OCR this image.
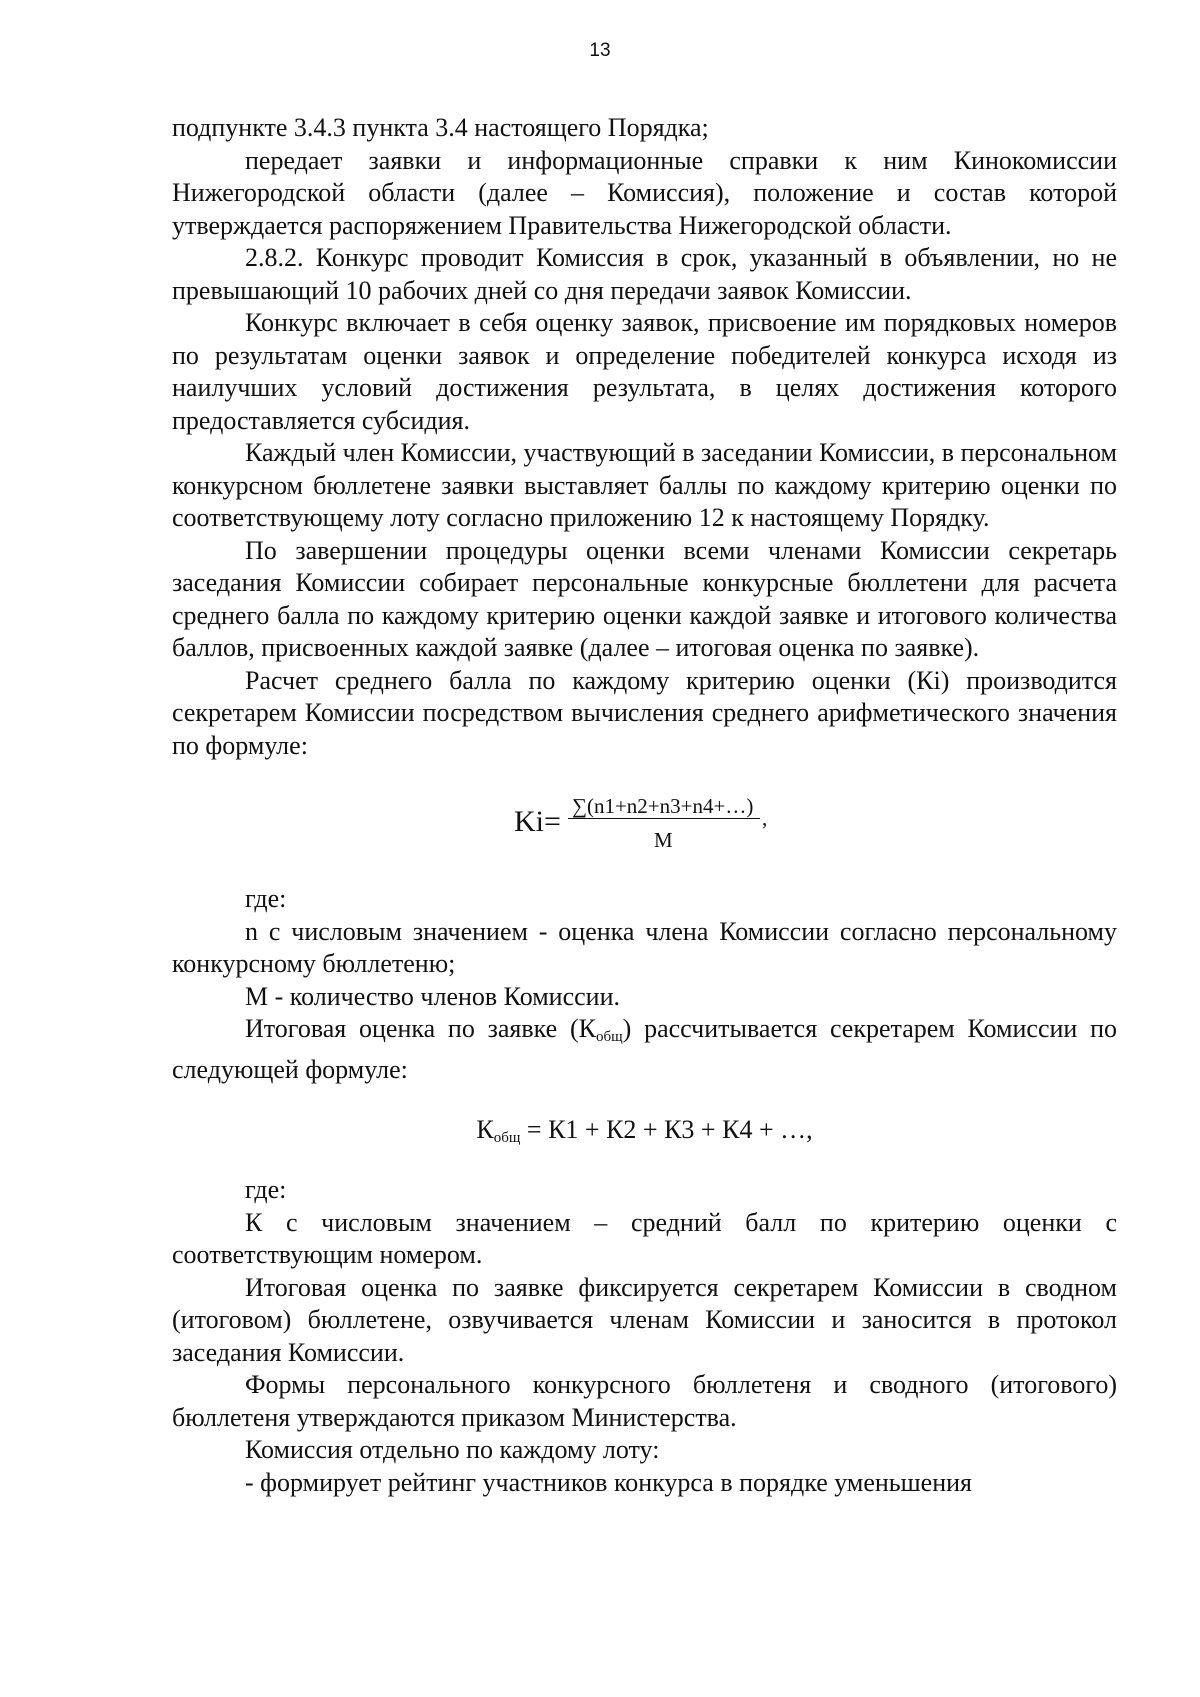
13

подпункте 3.4.3 пункта 3.4 настоящего Порядка;

передает заявки и информационные справки к ним Кинокомиссии Нижегородской области (далее – Комиссия), положение и состав которой утверждается распоряжением Правительства Нижегородской области.

2.8.2. Конкурс проводит Комиссия в срок, указанный в объявлении, но не превышающий 10 рабочих дней со дня передачи заявок Комиссии.

Конкурс включает в себя оценку заявок, присвоение им порядковых номеров по результатам оценки заявок и определение победителей конкурса исходя из наилучших условий достижения результата, в целях достижения которого предоставляется субсидия.

Каждый член Комиссии, участвующий в заседании Комиссии, в персональном конкурсном бюллетене заявки выставляет баллы по каждому критерию оценки по соответствующему лоту согласно приложению 12 к настоящему Порядку.

По завершении процедуры оценки всеми членами Комиссии секретарь заседания Комиссии собирает персональные конкурсные бюллетени для расчета среднего балла по каждому критерию оценки каждой заявке и итогового количества баллов, присвоенных каждой заявке (далее – итоговая оценка по заявке).

Расчет среднего балла по каждому критерию оценки (Кi) производится секретарем Комиссии посредством вычисления среднего арифметического значения по формуле:

Ki= ∑(n1+n2+n3+n4+…)
M
,

где:

n с числовым значением - оценка члена Комиссии согласно персональному конкурсному бюллетеню;

М - количество членов Комиссии.

Итоговая оценка по заявке $(К_{общ})$ рассчитывается секретарем Комиссии по следующей формуле:

$К_{общ} = К1 + К2 + К3 + К4$ + …,

где:

К с числовым значением – средний балл по критерию оценки с соответствующим номером.

Итоговая оценка по заявке фиксируется секретарем Комиссии в сводном (итоговом) бюллетене, озвучивается членам Комиссии и заносится в протокол заседания Комиссии.

Формы персонального конкурсного бюллетеня и сводного (итогового) бюллетеня утверждаются приказом Министерства.

Комиссия отдельно по каждому лоту:

- формирует рейтинг участников конкурса в порядке уменьшения
